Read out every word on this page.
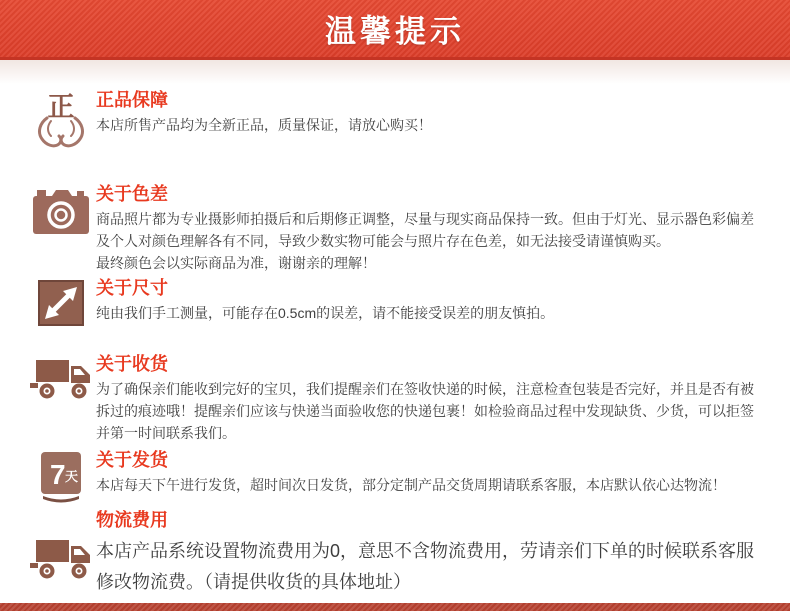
温馨提示
正 正品保障

本店所售产品均为全新正品，质量保证，请放心购买！

关于色差

商品照片都为专业摄影师拍摄后和后期修正调整，尽量与现实商品保持一致。但由于灯光、显示器色彩偏差及个人对颜色理解各有不同，导致少数实物可能会与照片存在色差，如无法接受请谨慎购买。

最终颜色会以实际商品为准，谢谢亲的理解！

关于尺寸

纯由我们手工测量，可能存在0.5cm的误差，请不能接受误差的朋友慎拍。

关于收货

为了确保亲们能收到完好的宝贝，我们提醒亲们在签收快递的时候，注意检查包装是否完好，并且是否有被拆过的痕迹哦！提醒亲们应该与快递当面验收您的快递包裹！如检验商品过程中发现缺货、少货，可以拒签并第一时间联系我们。

7 天
关于发货

本店每天下午进行发货，超时间次日发货，部分定制产品交货周期请联系客服，本店默认依心达物流！

物流费用

本店产品系统设置物流费用为0，意思不含物流费用，劳请亲们下单的时候联系客服修改物流费。（请提供收货的具体地址）
